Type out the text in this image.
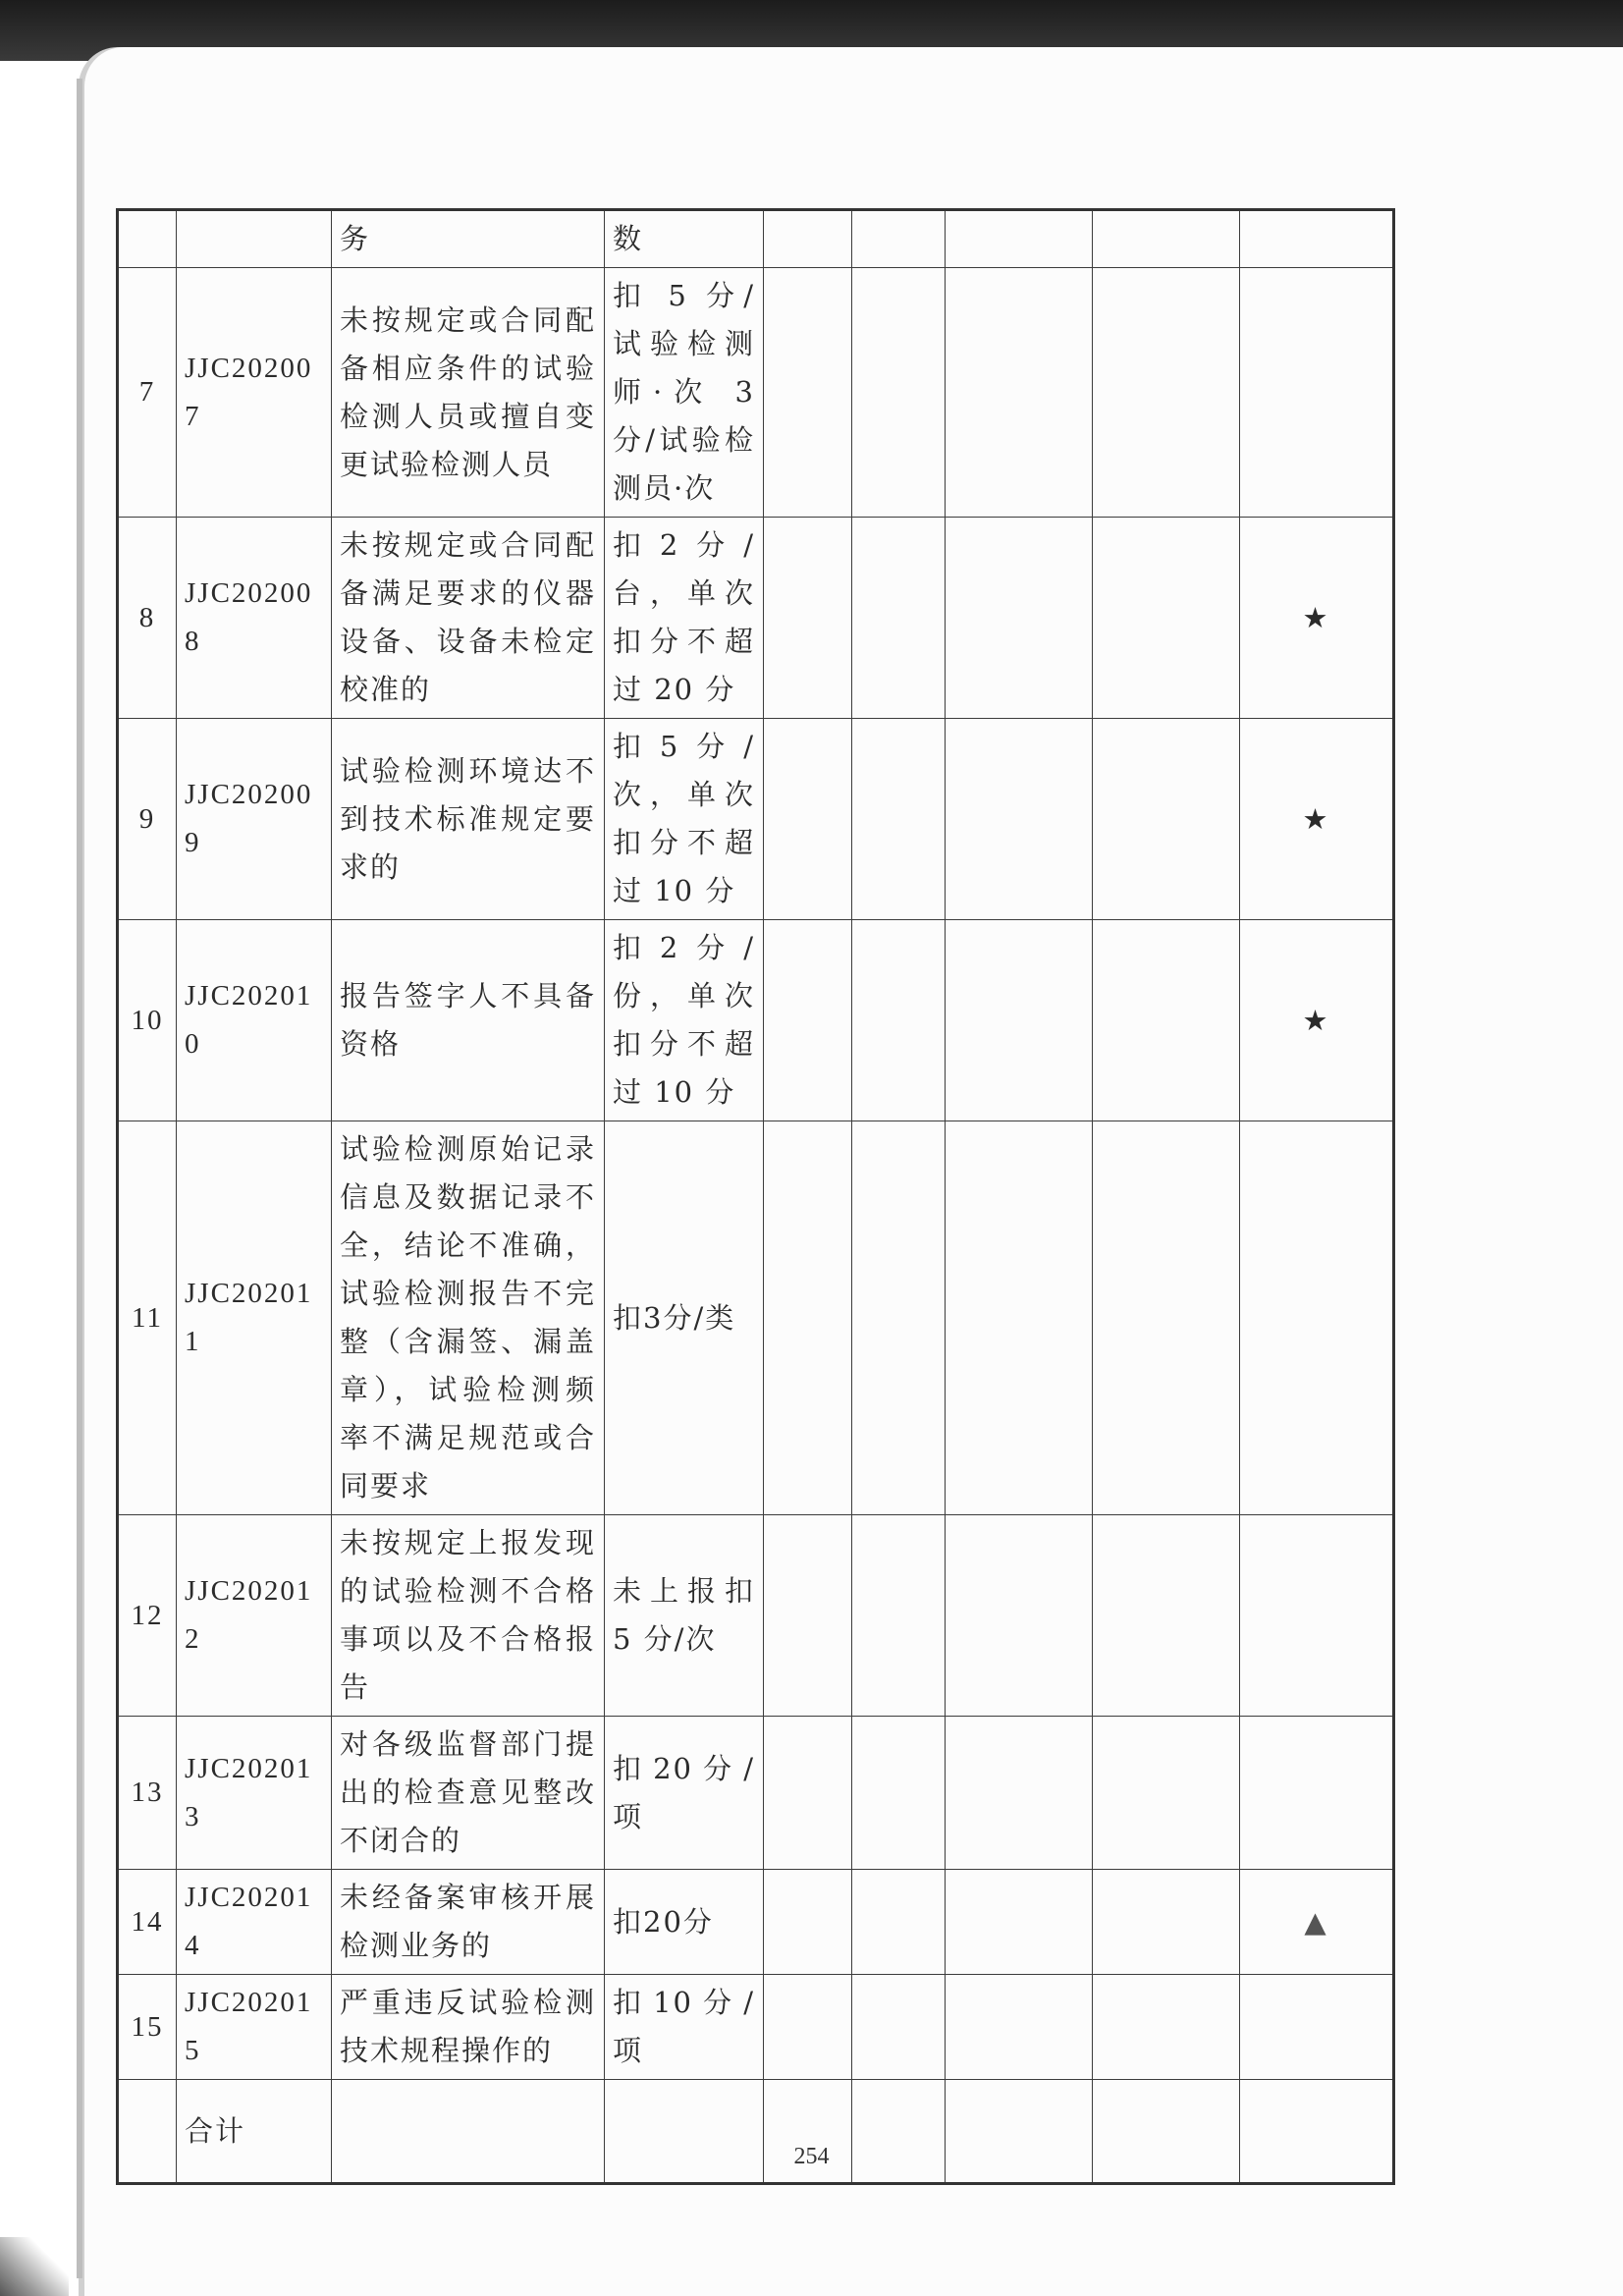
		务	数					
7	JJC202007	未按规定或合同配备相应条件的试验检测人员或擅自变更试验检测人员	扣 5 分/试验检测师·次 3 分/试验检测员·次					
8	JJC202008	未按规定或合同配备满足要求的仪器设备、设备未检定校准的	扣2分/台，单次扣分不超过 20 分					★
9	JJC202009	试验检测环境达不到技术标准规定要求的	扣5分/次，单次扣分不超过 10 分					★
10	JJC202010	报告签字人不具备资格	扣2分/份，单次扣分不超过 10 分					★
11	JJC202011	试验检测原始记录信息及数据记录不全，结论不准确，试验检测报告不完整（含漏签、漏盖章），试验检测频率不满足规范或合同要求	扣3分/类					
12	JJC202012	未按规定上报发现的试验检测不合格事项以及不合格报告	未上报扣 5 分/次					
13	JJC202013	对各级监督部门提出的检查意见整改不闭合的	扣20分/项					
14	JJC202014	未经备案审核开展检测业务的	扣20分					▲
15	JJC202015	严重违反试验检测技术规程操作的	扣10分/项					
	合计							
254
